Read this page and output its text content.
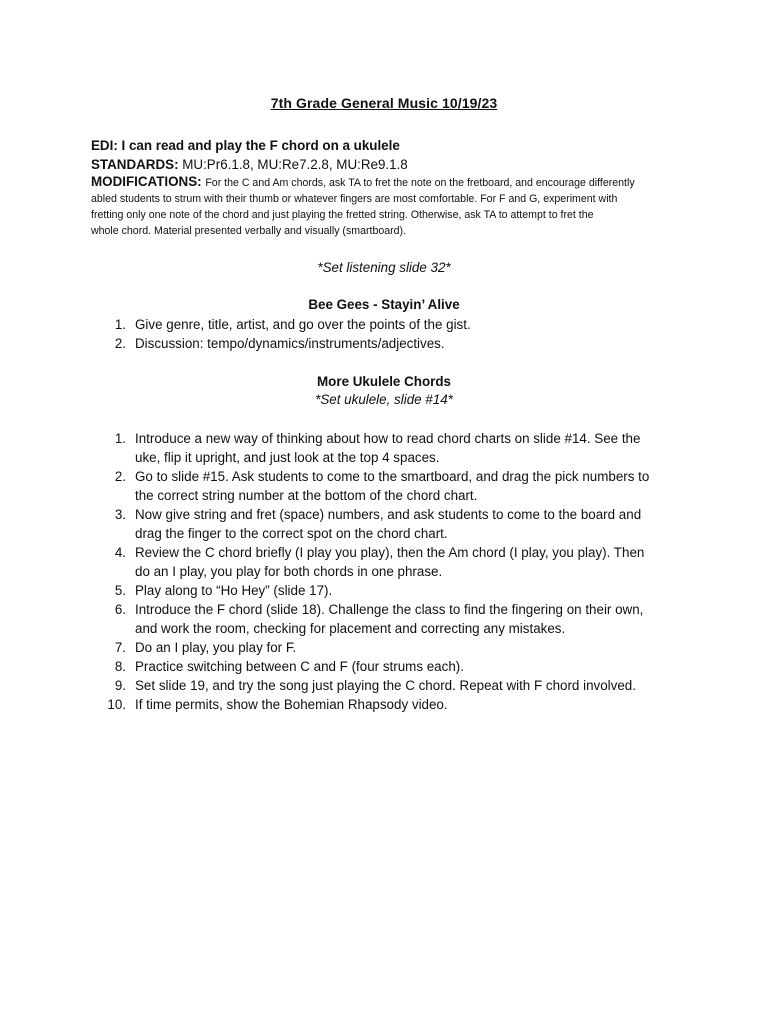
7th Grade General Music 10/19/23
EDI: I can read and play the F chord on a ukulele
STANDARDS: MU:Pr6.1.8, MU:Re7.2.8, MU:Re9.1.8
MODIFICATIONS: For the C and Am chords, ask TA to fret the note on the fretboard, and encourage differently
abled students to strum with their thumb or whatever fingers are most comfortable. For F and G, experiment with
fretting only one note of the chord and just playing the fretted string. Otherwise, ask TA to attempt to fret the
whole chord. Material presented verbally and visually (smartboard).
*Set listening slide 32*
Bee Gees - Stayin’ Alive
1. Give genre, title, artist, and go over the points of the gist.
2. Discussion: tempo/dynamics/instruments/adjectives.
More Ukulele Chords
*Set ukulele, slide #14*
1. Introduce a new way of thinking about how to read chord charts on slide #14. See the
uke, flip it upright, and just look at the top 4 spaces.
2. Go to slide #15. Ask students to come to the smartboard, and drag the pick numbers to
the correct string number at the bottom of the chord chart.
3. Now give string and fret (space) numbers, and ask students to come to the board and
drag the finger to the correct spot on the chord chart.
4. Review the C chord briefly (I play you play), then the Am chord (I play, you play). Then
do an I play, you play for both chords in one phrase.
5. Play along to “Ho Hey” (slide 17).
6. Introduce the F chord (slide 18). Challenge the class to find the fingering on their own,
and work the room, checking for placement and correcting any mistakes.
7. Do an I play, you play for F.
8. Practice switching between C and F (four strums each).
9. Set slide 19, and try the song just playing the C chord. Repeat with F chord involved.
10. If time permits, show the Bohemian Rhapsody video.
